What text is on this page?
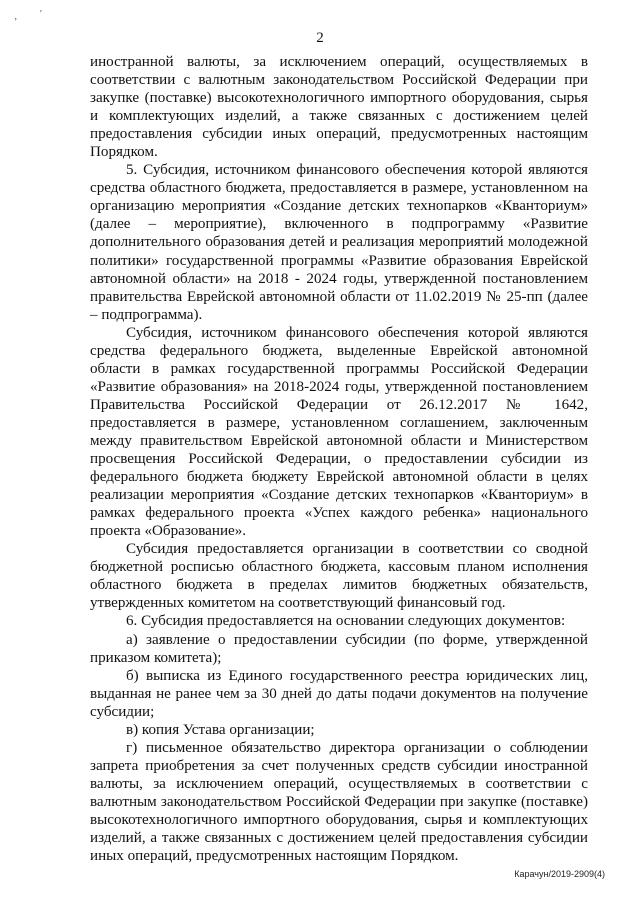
‚ '
2

иностранной валюты, за исключением операций, осуществляемых в соответствии с валютным законодательством Российской Федерации при закупке (поставке) высокотехнологичного импортного оборудования, сырья и комплектующих изделий, а также связанных с достижением целей предоставления субсидии иных операций, предусмотренных настоящим Порядком.

5. Субсидия, источником финансового обеспечения которой являются средства областного бюджета, предоставляется в размере, установленном на организацию мероприятия «Создание детских технопарков «Кванториум» (далее – мероприятие), включенного в подпрограмму «Развитие дополнительного образования детей и реализация мероприятий молодежной политики» государственной программы «Развитие образования Еврейской автономной области» на 2018 - 2024 годы, утвержденной постановлением правительства Еврейской автономной области от 11.02.2019 № 25-пп (далее – подпрограмма).

Субсидия, источником финансового обеспечения которой являются средства федерального бюджета, выделенные Еврейской автономной области в рамках государственной программы Российской Федерации «Развитие образования» на 2018-2024 годы, утвержденной постановлением Правительства Российской Федерации от 26.12.2017 № 1642, предоставляется в размере, установленном соглашением, заключенным между правительством Еврейской автономной области и Министерством просвещения Российской Федерации, о предоставлении субсидии из федерального бюджета бюджету Еврейской автономной области в целях реализации мероприятия «Создание детских технопарков «Кванториум» в рамках федерального проекта «Успех каждого ребенка» национального проекта «Образование».

Субсидия предоставляется организации в соответствии со сводной бюджетной росписью областного бюджета, кассовым планом исполнения областного бюджета в пределах лимитов бюджетных обязательств, утвержденных комитетом на соответствующий финансовый год.

6. Субсидия предоставляется на основании следующих документов:

а) заявление о предоставлении субсидии (по форме, утвержденной приказом комитета);

б) выписка из Единого государственного реестра юридических лиц, выданная не ранее чем за 30 дней до даты подачи документов на получение субсидии;

в) копия Устава организации;

г) письменное обязательство директора организации о соблюдении запрета приобретения за счет полученных средств субсидии иностранной валюты, за исключением операций, осуществляемых в соответствии с валютным законодательством Российской Федерации при закупке (поставке) высокотехнологичного импортного оборудования, сырья и комплектующих изделий, а также связанных с достижением целей предоставления субсидии иных операций, предусмотренных настоящим Порядком.

Карачун/2019-2909(4)
